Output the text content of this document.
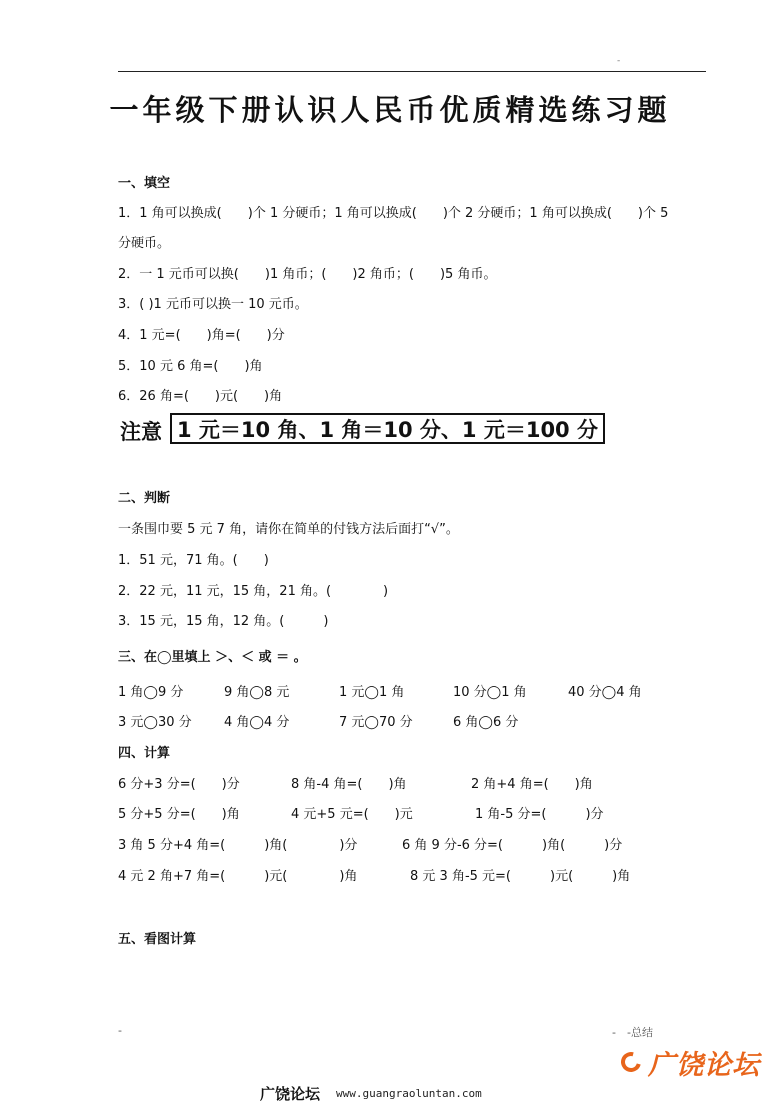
-
一年级下册认识人民币优质精选练习题
一、填空
1．1 角可以换成(　　)个 1 分硬币；1 角可以换成(　　)个 2 分硬币；1 角可以换成(　　)个 5
分硬币。
2．一 1 元币可以换(　　)1 角币；(　　)2 角币；(　　)5 角币。
3．( )1 元币可以换一 10 元币。
4．1 元=(　　)角=(　　)分
5．10 元 6 角=(　　)角
6．26 角=(　　)元(　　)角
注意 1 元＝10 角、1 角＝10 分、1 元＝100 分
二、判断
一条围巾要 5 元 7 角，请你在简单的付钱方法后面打“√”。
1．51 元，71 角。(　　)
2．22 元，11 元，15 角，21 角。(　　　　)
3．15 元，15 角，12 角。(　　　)
三、在◯里填上 ＞、＜ 或 ＝ 。
1 角◯9 分	9 角◯8 元	1 元◯1 角	10 分◯1 角	40 分◯4 角
3 元◯30 分 4 角◯4 分	7 元◯70 分	6 角◯6 分
四、计算
6 分+3 分=(　　)分	8 角-4 角=(　　)角	2 角+4 角=(　　)角
5 分+5 分=(　　)角	4 元+5 元=(　　)元	1 角-5 分=(　　　)分
3 角 5 分+4 角=(　　　)角(　　　　)分	6 角 9 分-6 分=(　　　)角(　　　)分
4 元 2 角+7 角=(　　　)元(　　　　)角	8 元 3 角-5 元=(　　　)元(　　　)角
五、看图计算
-	-　-总结
广饶论坛 www.guangraoluntan.com
广饶论坛
